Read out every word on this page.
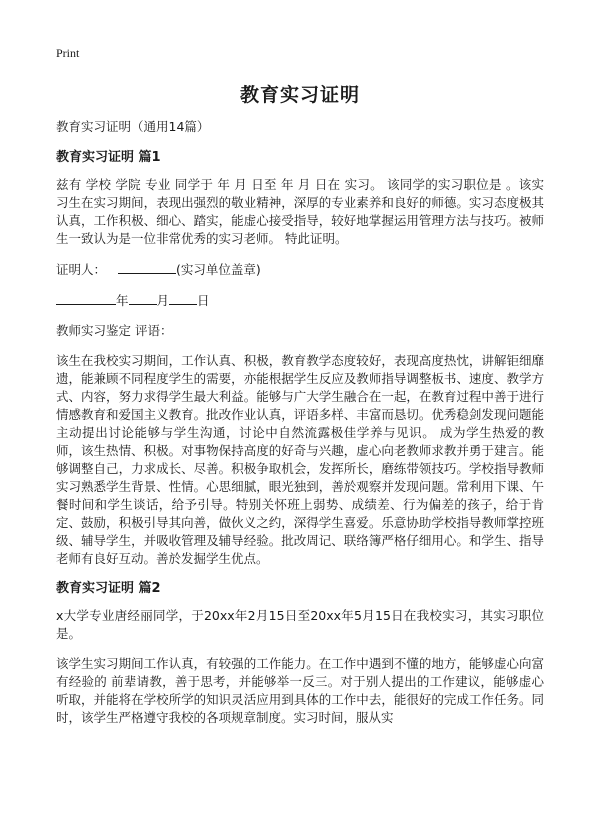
Print
教育实习证明

教育实习证明（通用14篇）

教育实习证明 篇1

兹有 学校 学院 专业 同学于 年 月 日至 年 月 日在 实习。 该同学的实习职位是 。该实习生在实习期间，表现出强烈的敬业精神，深厚的专业素养和良好的师德。实习态度极其认真，工作积极、细心、踏实，能虚心接受指导，较好地掌握运用管理方法与技巧。被师生一致认为是一位非常优秀的实习老师。 特此证明。

证明人：	(实习单位盖章)

年 月 日

教师实习鉴定 评语：

该生在我校实习期间，工作认真、积极，教育教学态度较好，表现高度热忱，讲解钜细靡遗，能兼顾不同程度学生的需要，亦能根据学生反应及教师指导调整板书、速度、教学方式、内容，努力求得学生最大利益。能够与广大学生融合在一起，在教育过程中善于进行情感教育和爱国主义教育。批改作业认真，评语多样、丰富而恳切。优秀稳剑发现问题能主动提出讨论能够与学生沟通，讨论中自然流露极佳学养与见识。 成为学生热爱的教师，该生热情、积极。对事物保持高度的好奇与兴趣，虚心向老教师求教并勇于建言。能够调整自己，力求成长、尽善。积极争取机会，发挥所长，磨练带领技巧。学校指导教师实习熟悉学生背景、性情。心思细腻，眼光独到，善於观察并发现问题。常利用下课、午餐时间和学生谈话，给予引导。特别关怀班上弱势、成绩差、行为偏差的孩子，给于肯定、鼓励，积极引导其向善，做伙义之约，深得学生喜爱。乐意协助学校指导教师掌控班级、辅导学生，并吸收管理及辅导经验。批改周记、联络簿严格仔细用心。和学生、指导老师有良好互动。善於发掘学生优点。

教育实习证明 篇2

x大学专业唐经丽同学，于20xx年2月15日至20xx年5月15日在我校实习，其实习职位是。

该学生实习期间工作认真，有较强的工作能力。在工作中遇到不懂的地方，能够虚心向富有经验的 前辈请教，善于思考，并能够举一反三。对于别人提出的工作建议，能够虚心听取，并能将在学校所学的知识灵活应用到具体的工作中去，能很好的完成工作任务。同时，该学生严格遵守我校的各项规章制度。实习时间，服从实
